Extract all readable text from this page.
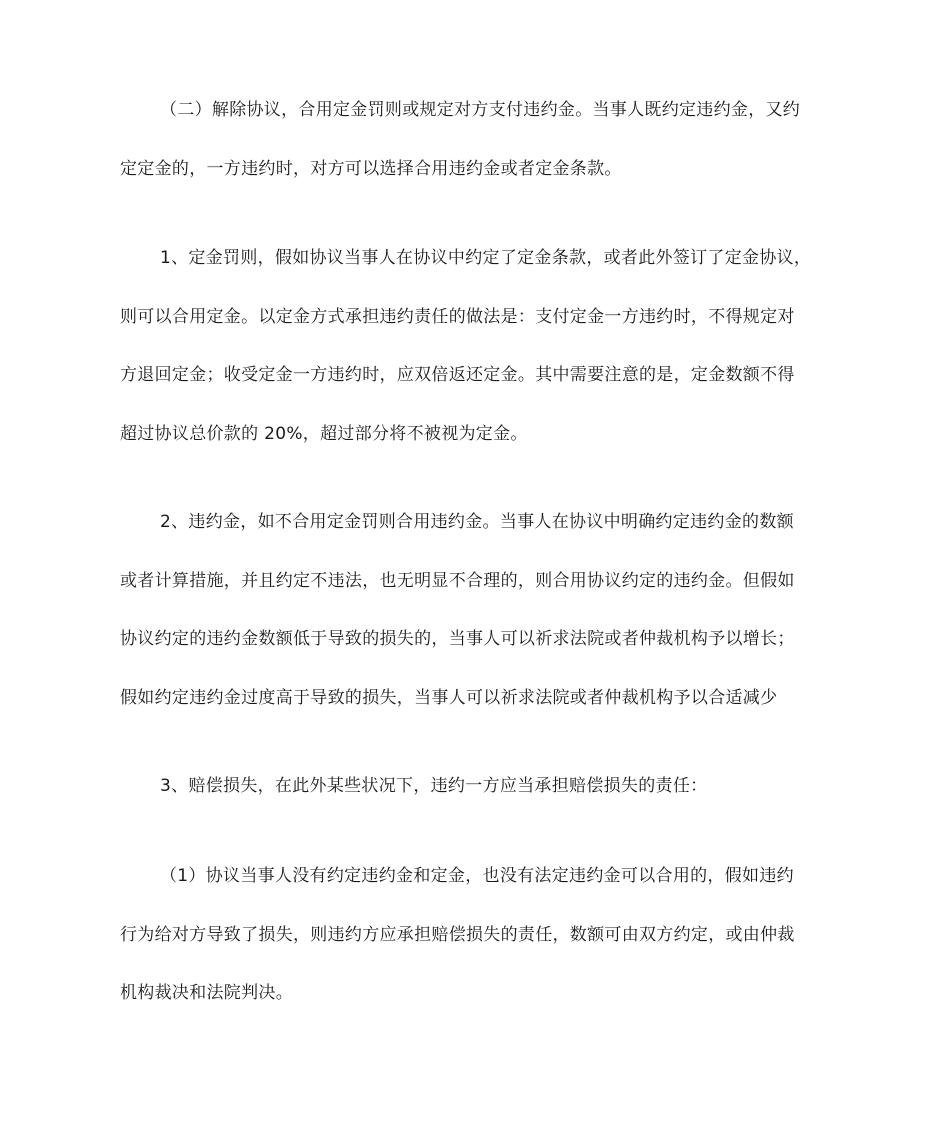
（二）解除协议，合用定金罚则或规定对方支付违约金。当事人既约定违约金，又约
定定金的，一方违约时，对方可以选择合用违约金或者定金条款。

1、定金罚则，假如协议当事人在协议中约定了定金条款，或者此外签订了定金协议，
则可以合用定金。以定金方式承担违约责任的做法是：支付定金一方违约时，不得规定对
方退回定金；收受定金一方违约时，应双倍返还定金。其中需要注意的是，定金数额不得
超过协议总价款的 20%，超过部分将不被视为定金。

2、违约金，如不合用定金罚则合用违约金。当事人在协议中明确约定违约金的数额
或者计算措施，并且约定不违法，也无明显不合理的，则合用协议约定的违约金。但假如
协议约定的违约金数额低于导致的损失的，当事人可以祈求法院或者仲裁机构予以增长；
假如约定违约金过度高于导致的损失，当事人可以祈求法院或者仲裁机构予以合适减少

3、赔偿损失，在此外某些状况下，违约一方应当承担赔偿损失的责任：

（1）协议当事人没有约定违约金和定金，也没有法定违约金可以合用的，假如违约
行为给对方导致了损失，则违约方应承担赔偿损失的责任，数额可由双方约定，或由仲裁
机构裁决和法院判决。
